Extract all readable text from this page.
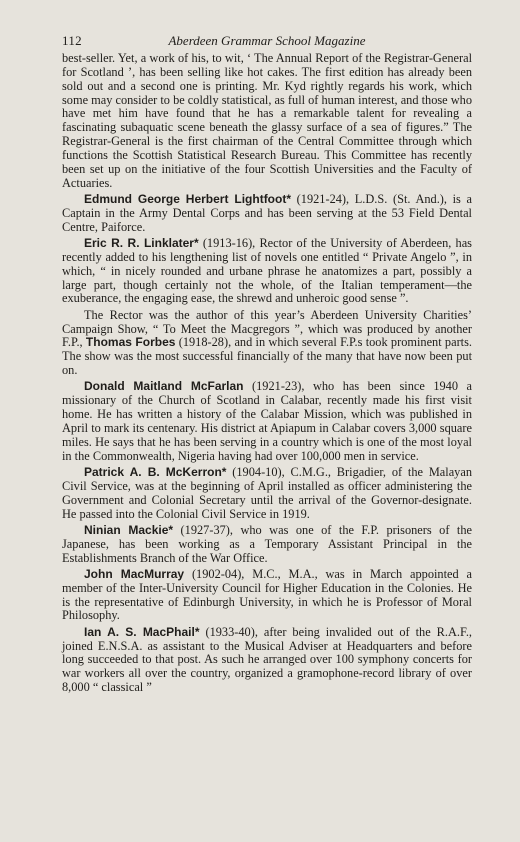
112	Aberdeen Grammar School Magazine

best-seller. Yet, a work of his, to wit, ‘ The Annual Report of the Registrar-General for Scotland ’, has been selling like hot cakes. The first edition has already been sold out and a second one is printing. Mr. Kyd rightly regards his work, which some may consider to be coldly statistical, as full of human interest, and those who have met him have found that he has a remarkable talent for revealing a fascinating subaquatic scene beneath the glassy surface of a sea of figures.” The Registrar-General is the first chairman of the Central Committee through which functions the Scottish Statistical Research Bureau. This Committee has recently been set up on the initiative of the four Scottish Universities and the Faculty of Actuaries.

Edmund George Herbert Lightfoot* (1921-24), L.D.S. (St. And.), is a Captain in the Army Dental Corps and has been serving at the 53 Field Dental Centre, Paiforce.

Eric R. R. Linklater* (1913-16), Rector of the University of Aberdeen, has recently added to his lengthening list of novels one entitled “ Private Angelo ”, in which, “ in nicely rounded and urbane phrase he anatomizes a part, possibly a large part, though certainly not the whole, of the Italian temperament—the exuberance, the engaging ease, the shrewd and unheroic good sense ”.

The Rector was the author of this year’s Aberdeen University Charities’ Campaign Show, “ To Meet the Macgregors ”, which was produced by another F.P., Thomas Forbes (1918-28), and in which several F.P.s took prominent parts. The show was the most successful financially of the many that have now been put on.

Donald Maitland McFarlan (1921-23), who has been since 1940 a missionary of the Church of Scotland in Calabar, recently made his first visit home. He has written a history of the Calabar Mission, which was published in April to mark its centenary. His district at Apiapum in Calabar covers 3,000 square miles. He says that he has been serving in a country which is one of the most loyal in the Commonwealth, Nigeria having had over 100,000 men in service.

Patrick A. B. McKerron* (1904-10), C.M.G., Brigadier, of the Malayan Civil Service, was at the beginning of April installed as officer administering the Government and Colonial Secretary until the arrival of the Governor-designate. He passed into the Colonial Civil Service in 1919.

Ninian Mackie* (1927-37), who was one of the F.P. prisoners of the Japanese, has been working as a Temporary Assistant Principal in the Establishments Branch of the War Office.

John MacMurray (1902-04), M.C., M.A., was in March appointed a member of the Inter-University Council for Higher Education in the Colonies. He is the representative of Edinburgh University, in which he is Professor of Moral Philosophy.

Ian A. S. MacPhail* (1933-40), after being invalided out of the R.A.F., joined E.N.S.A. as assistant to the Musical Adviser at Headquarters and before long succeeded to that post. As such he arranged over 100 symphony concerts for war workers all over the country, organized a gramophone-record library of over 8,000 “ classical ”
